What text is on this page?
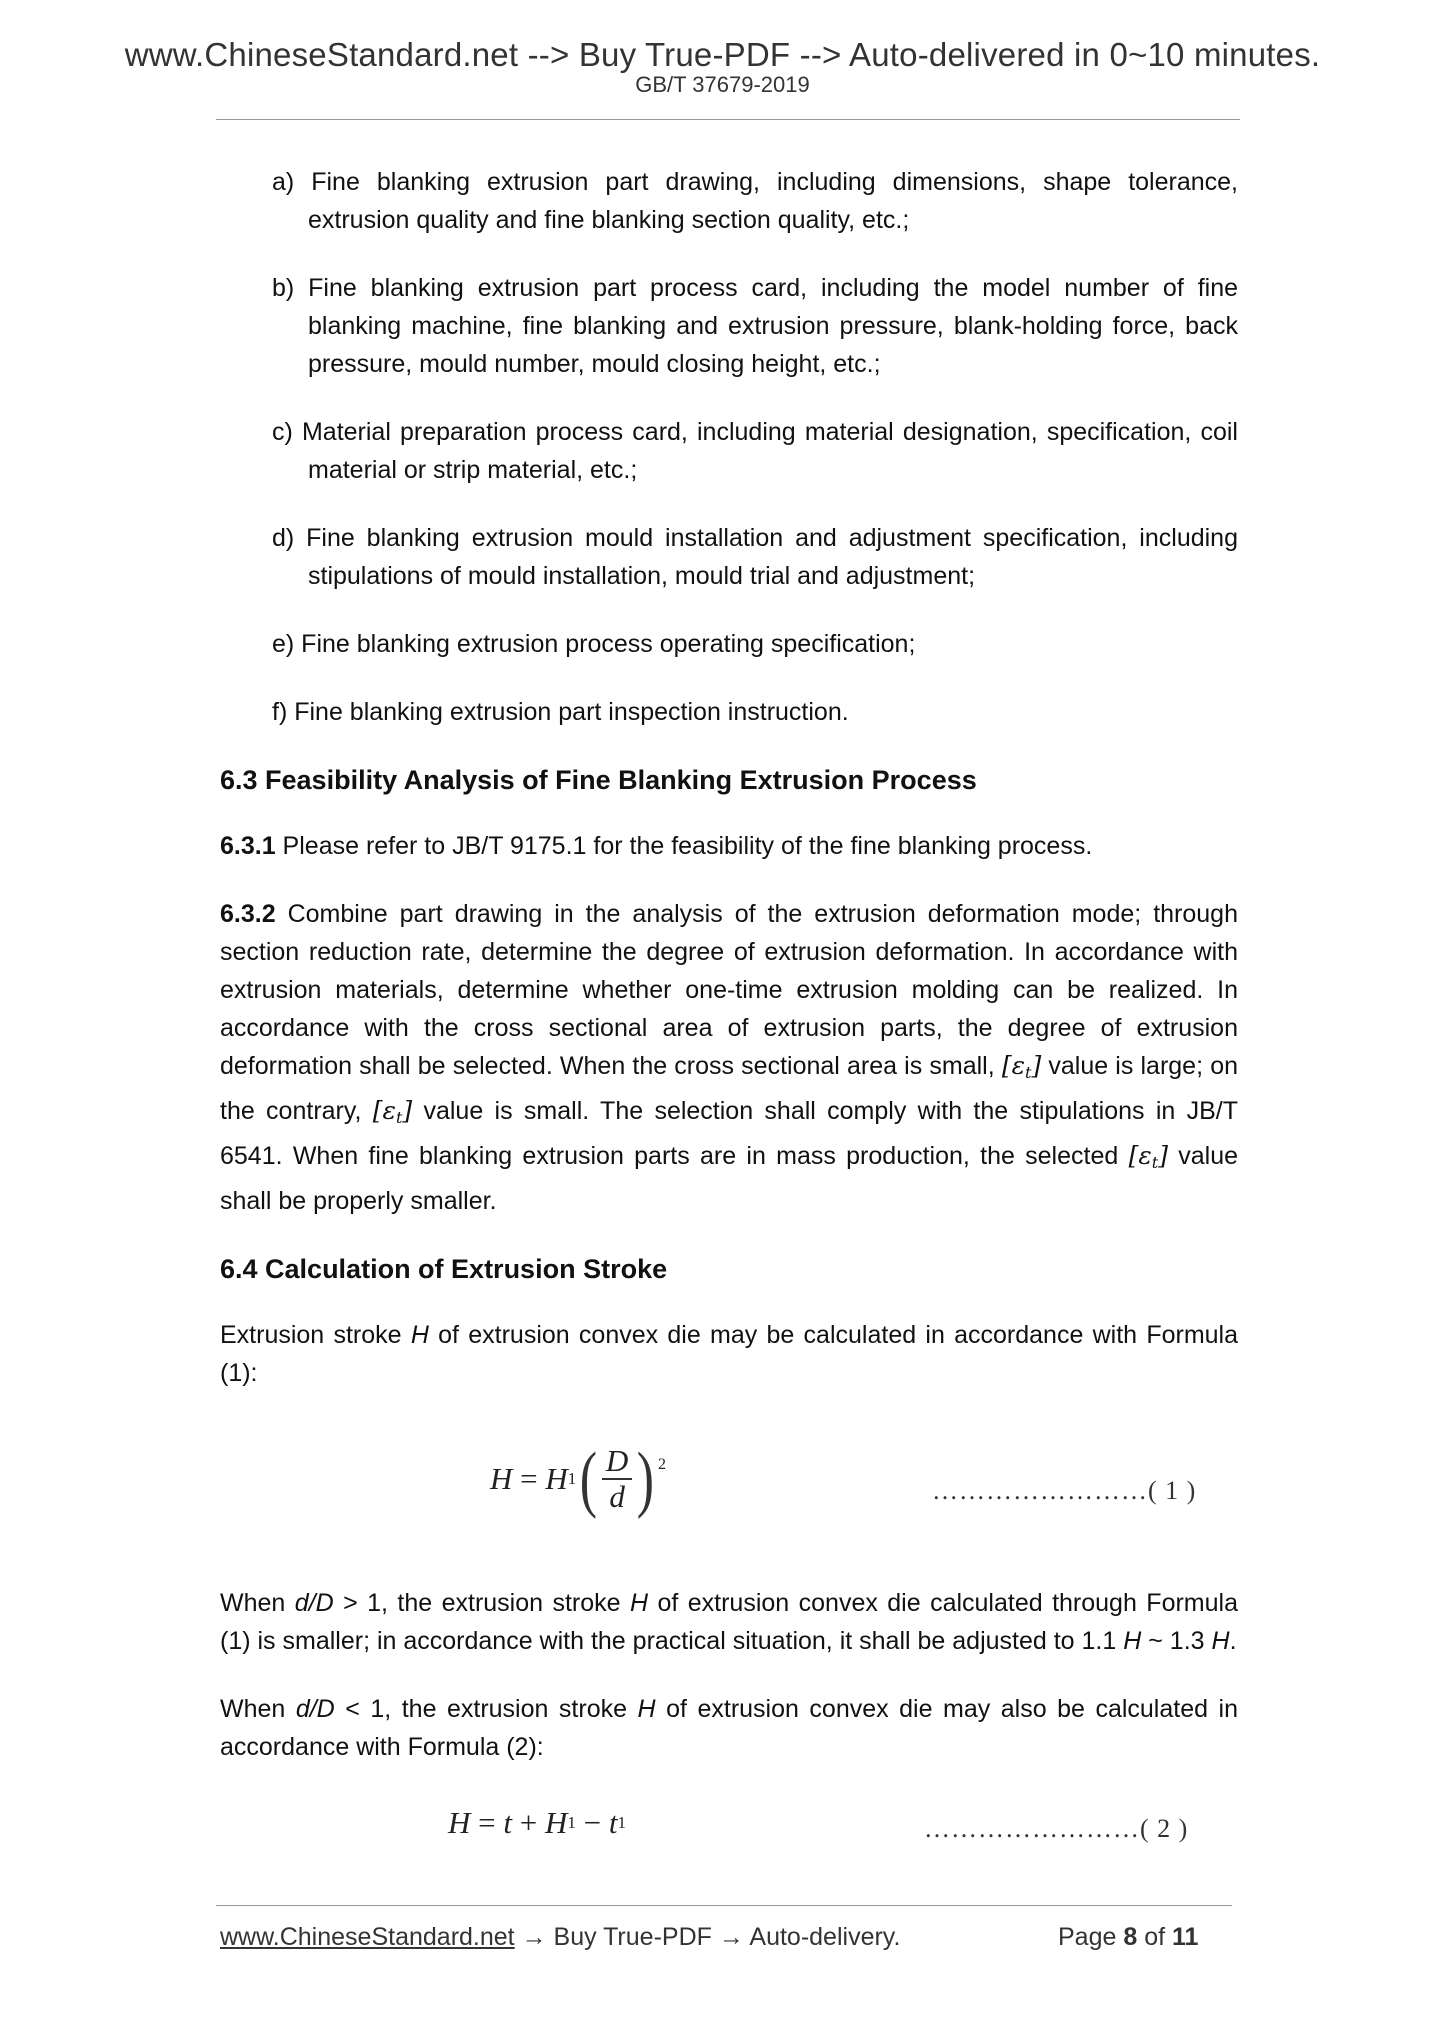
www.ChineseStandard.net --> Buy True-PDF --> Auto-delivered in 0~10 minutes.
GB/T 37679-2019
a) Fine blanking extrusion part drawing, including dimensions, shape tolerance, extrusion quality and fine blanking section quality, etc.;
b) Fine blanking extrusion part process card, including the model number of fine blanking machine, fine blanking and extrusion pressure, blank-holding force, back pressure, mould number, mould closing height, etc.;
c) Material preparation process card, including material designation, specification, coil material or strip material, etc.;
d) Fine blanking extrusion mould installation and adjustment specification, including stipulations of mould installation, mould trial and adjustment;
e) Fine blanking extrusion process operating specification;
f) Fine blanking extrusion part inspection instruction.
6.3 Feasibility Analysis of Fine Blanking Extrusion Process
6.3.1 Please refer to JB/T 9175.1 for the feasibility of the fine blanking process.
6.3.2 Combine part drawing in the analysis of the extrusion deformation mode; through section reduction rate, determine the degree of extrusion deformation. In accordance with extrusion materials, determine whether one-time extrusion molding can be realized. In accordance with the cross sectional area of extrusion parts, the degree of extrusion deformation shall be selected. When the cross sectional area is small, $[\varepsilon_t]$ value is large; on the contrary, $[\varepsilon_t]$ value is small. The selection shall comply with the stipulations in JB/T 6541. When fine blanking extrusion parts are in mass production, the selected $[\varepsilon_t]$ value shall be properly smaller.
6.4 Calculation of Extrusion Stroke
Extrusion stroke H of extrusion convex die may be calculated in accordance with Formula (1):
H = H 1 ( $\frac{D}{d}$ ) 2
……………………( 1 )
When d/D > 1, the extrusion stroke H of extrusion convex die calculated through Formula (1) is smaller; in accordance with the practical situation, it shall be adjusted to 1.1 H ~ 1.3 H.
When d/D < 1, the extrusion stroke H of extrusion convex die may also be calculated in accordance with Formula (2):
H = t + H 1 − t 1	……………………( 2 )
www.ChineseStandard.net → Buy True-PDF → Auto-delivery.	Page 8 of 11
